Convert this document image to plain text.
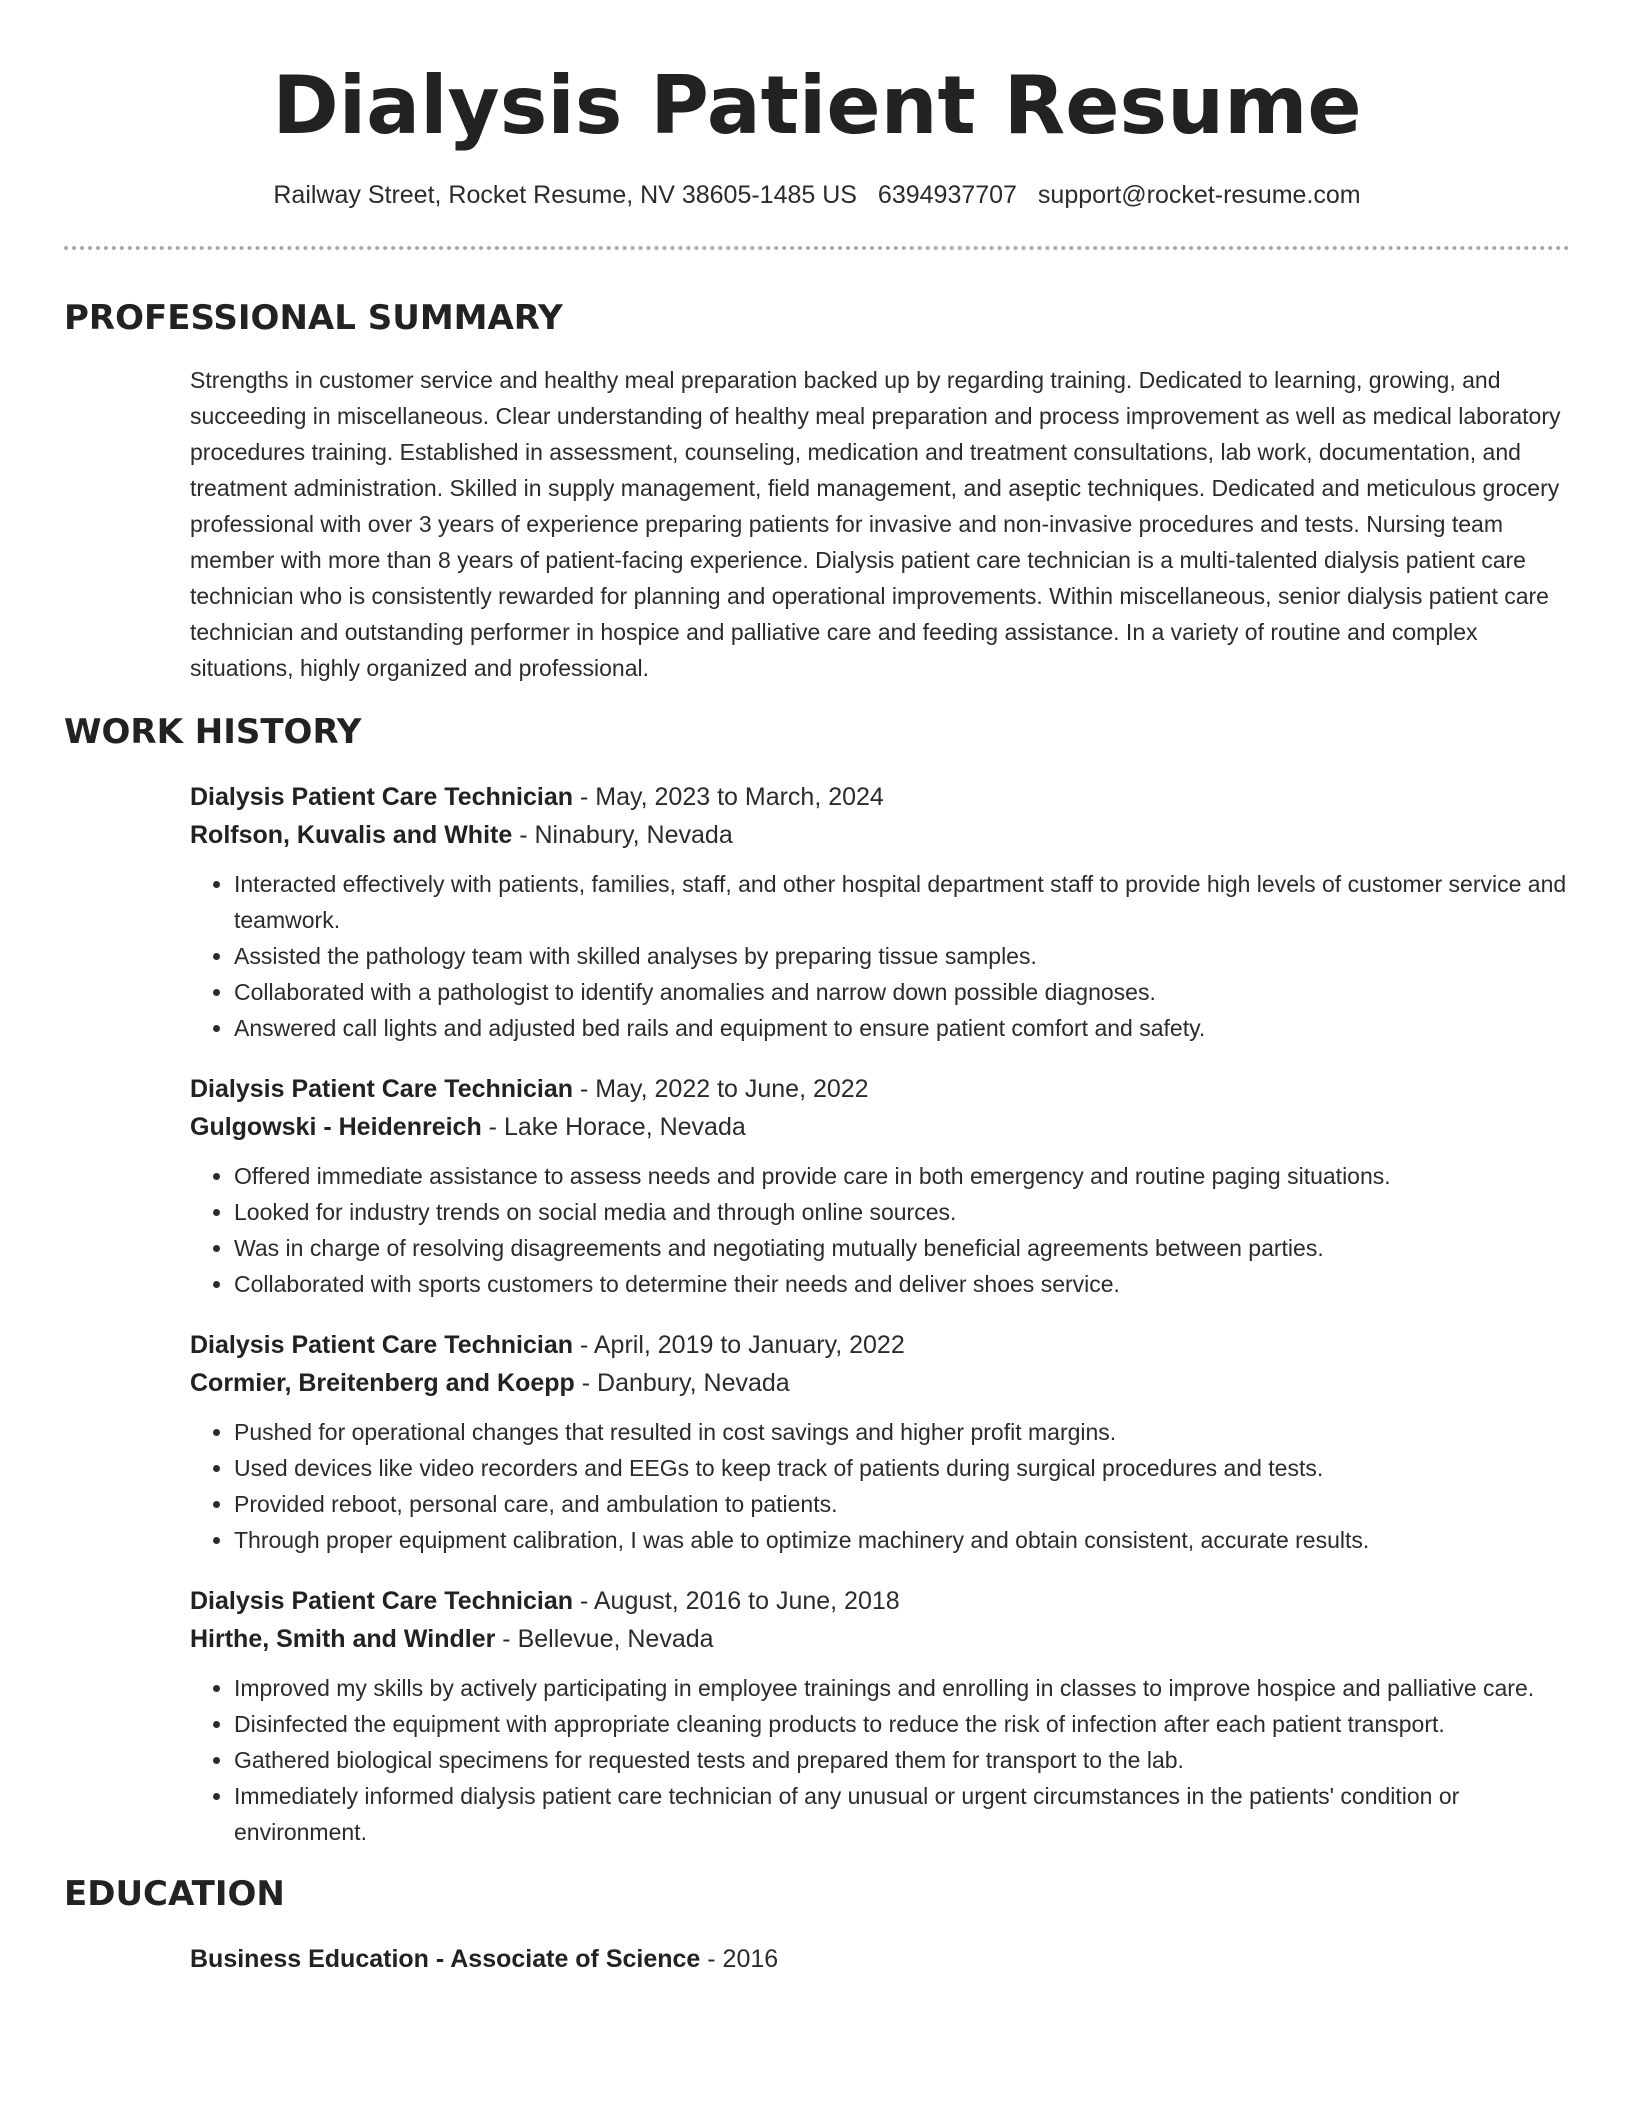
Dialysis Patient Resume
Railway Street, Rocket Resume, NV 38605-1485 US 6394937707 support@rocket-resume.com
PROFESSIONAL SUMMARY

Strengths in customer service and healthy meal preparation backed up by regarding training. Dedicated to learning, growing, and succeeding in miscellaneous. Clear understanding of healthy meal preparation and process improvement as well as medical laboratory procedures training. Established in assessment, counseling, medication and treatment consultations, lab work, documentation, and treatment administration. Skilled in supply management, field management, and aseptic techniques. Dedicated and meticulous grocery professional with over 3 years of experience preparing patients for invasive and non-invasive procedures and tests. Nursing team member with more than 8 years of patient-facing experience. Dialysis patient care technician is a multi-talented dialysis patient care technician who is consistently rewarded for planning and operational improvements. Within miscellaneous, senior dialysis patient care technician and outstanding performer in hospice and palliative care and feeding assistance. In a variety of routine and complex situations, highly organized and professional.

WORK HISTORY
Dialysis Patient Care Technician - May, 2023 to March, 2024
Rolfson, Kuvalis and White - Ninabury, Nevada
• Interacted effectively with patients, families, staff, and other hospital department staff to provide high levels of customer service and teamwork.
• Assisted the pathology team with skilled analyses by preparing tissue samples.
• Collaborated with a pathologist to identify anomalies and narrow down possible diagnoses.
• Answered call lights and adjusted bed rails and equipment to ensure patient comfort and safety.
Dialysis Patient Care Technician - May, 2022 to June, 2022
Gulgowski - Heidenreich - Lake Horace, Nevada
• Offered immediate assistance to assess needs and provide care in both emergency and routine paging situations.
• Looked for industry trends on social media and through online sources.
• Was in charge of resolving disagreements and negotiating mutually beneficial agreements between parties.
• Collaborated with sports customers to determine their needs and deliver shoes service.
Dialysis Patient Care Technician - April, 2019 to January, 2022
Cormier, Breitenberg and Koepp - Danbury, Nevada
• Pushed for operational changes that resulted in cost savings and higher profit margins.
• Used devices like video recorders and EEGs to keep track of patients during surgical procedures and tests.
• Provided reboot, personal care, and ambulation to patients.
• Through proper equipment calibration, I was able to optimize machinery and obtain consistent, accurate results.
Dialysis Patient Care Technician - August, 2016 to June, 2018
Hirthe, Smith and Windler - Bellevue, Nevada
• Improved my skills by actively participating in employee trainings and enrolling in classes to improve hospice and palliative care.
• Disinfected the equipment with appropriate cleaning products to reduce the risk of infection after each patient transport.
• Gathered biological specimens for requested tests and prepared them for transport to the lab.
• Immediately informed dialysis patient care technician of any unusual or urgent circumstances in the patients' condition or environment.
EDUCATION
Business Education - Associate of Science - 2016
